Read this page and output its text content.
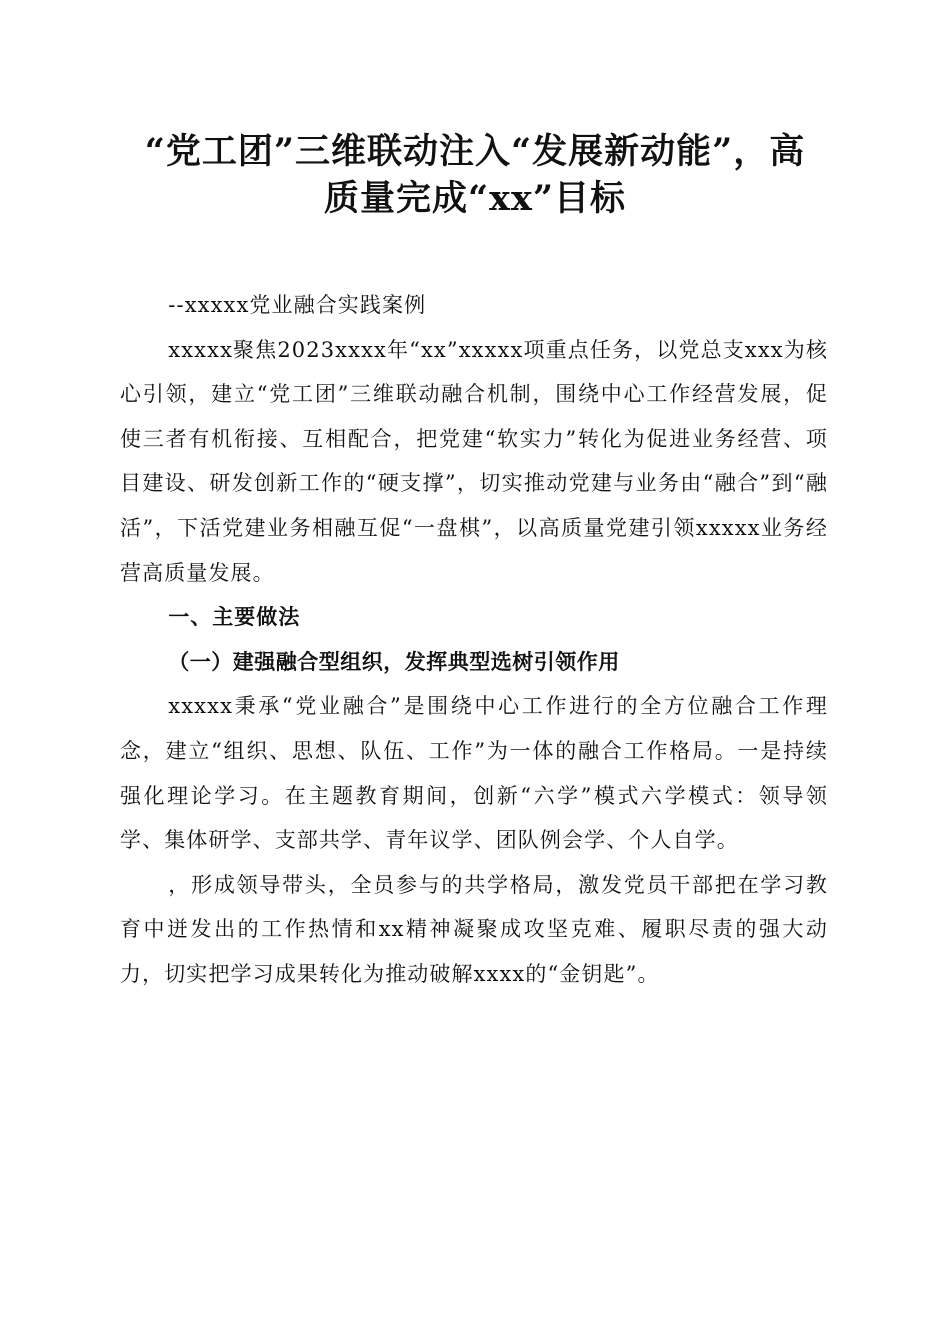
“党工团”三维联动注入“发展新动能”，高
质量完成“xx”目标

--xxxxx党业融合实践案例

xxxxx聚焦2023xxxx年“xx”xxxxx项重点任务，以党总支xxx为核心引领，建立“党工团”三维联动融合机制，围绕中心工作经营发展，促使三者有机衔接、互相配合，把党建“软实力”转化为促进业务经营、项目建设、研发创新工作的“硬支撑”，切实推动党建与业务由“融合”到“融活”，下活党建业务相融互促“一盘棋”，以高质量党建引领xxxxx业务经营高质量发展。

一、主要做法

（一）建强融合型组织，发挥典型选树引领作用

xxxxx秉承“党业融合”是围绕中心工作进行的全方位融合工作理念，建立“组织、思想、队伍、工作”为一体的融合工作格局。一是持续强化理论学习。在主题教育期间，创新“六学”模式六学模式：领导领学、集体研学、支部共学、青年议学、团队例会学、个人自学。

，形成领导带头，全员参与的共学格局，激发党员干部把在学习教育中迸发出的工作热情和xx精神凝聚成攻坚克难、履职尽责的强大动力，切实把学习成果转化为推动破解xxxx的“金钥匙”。
